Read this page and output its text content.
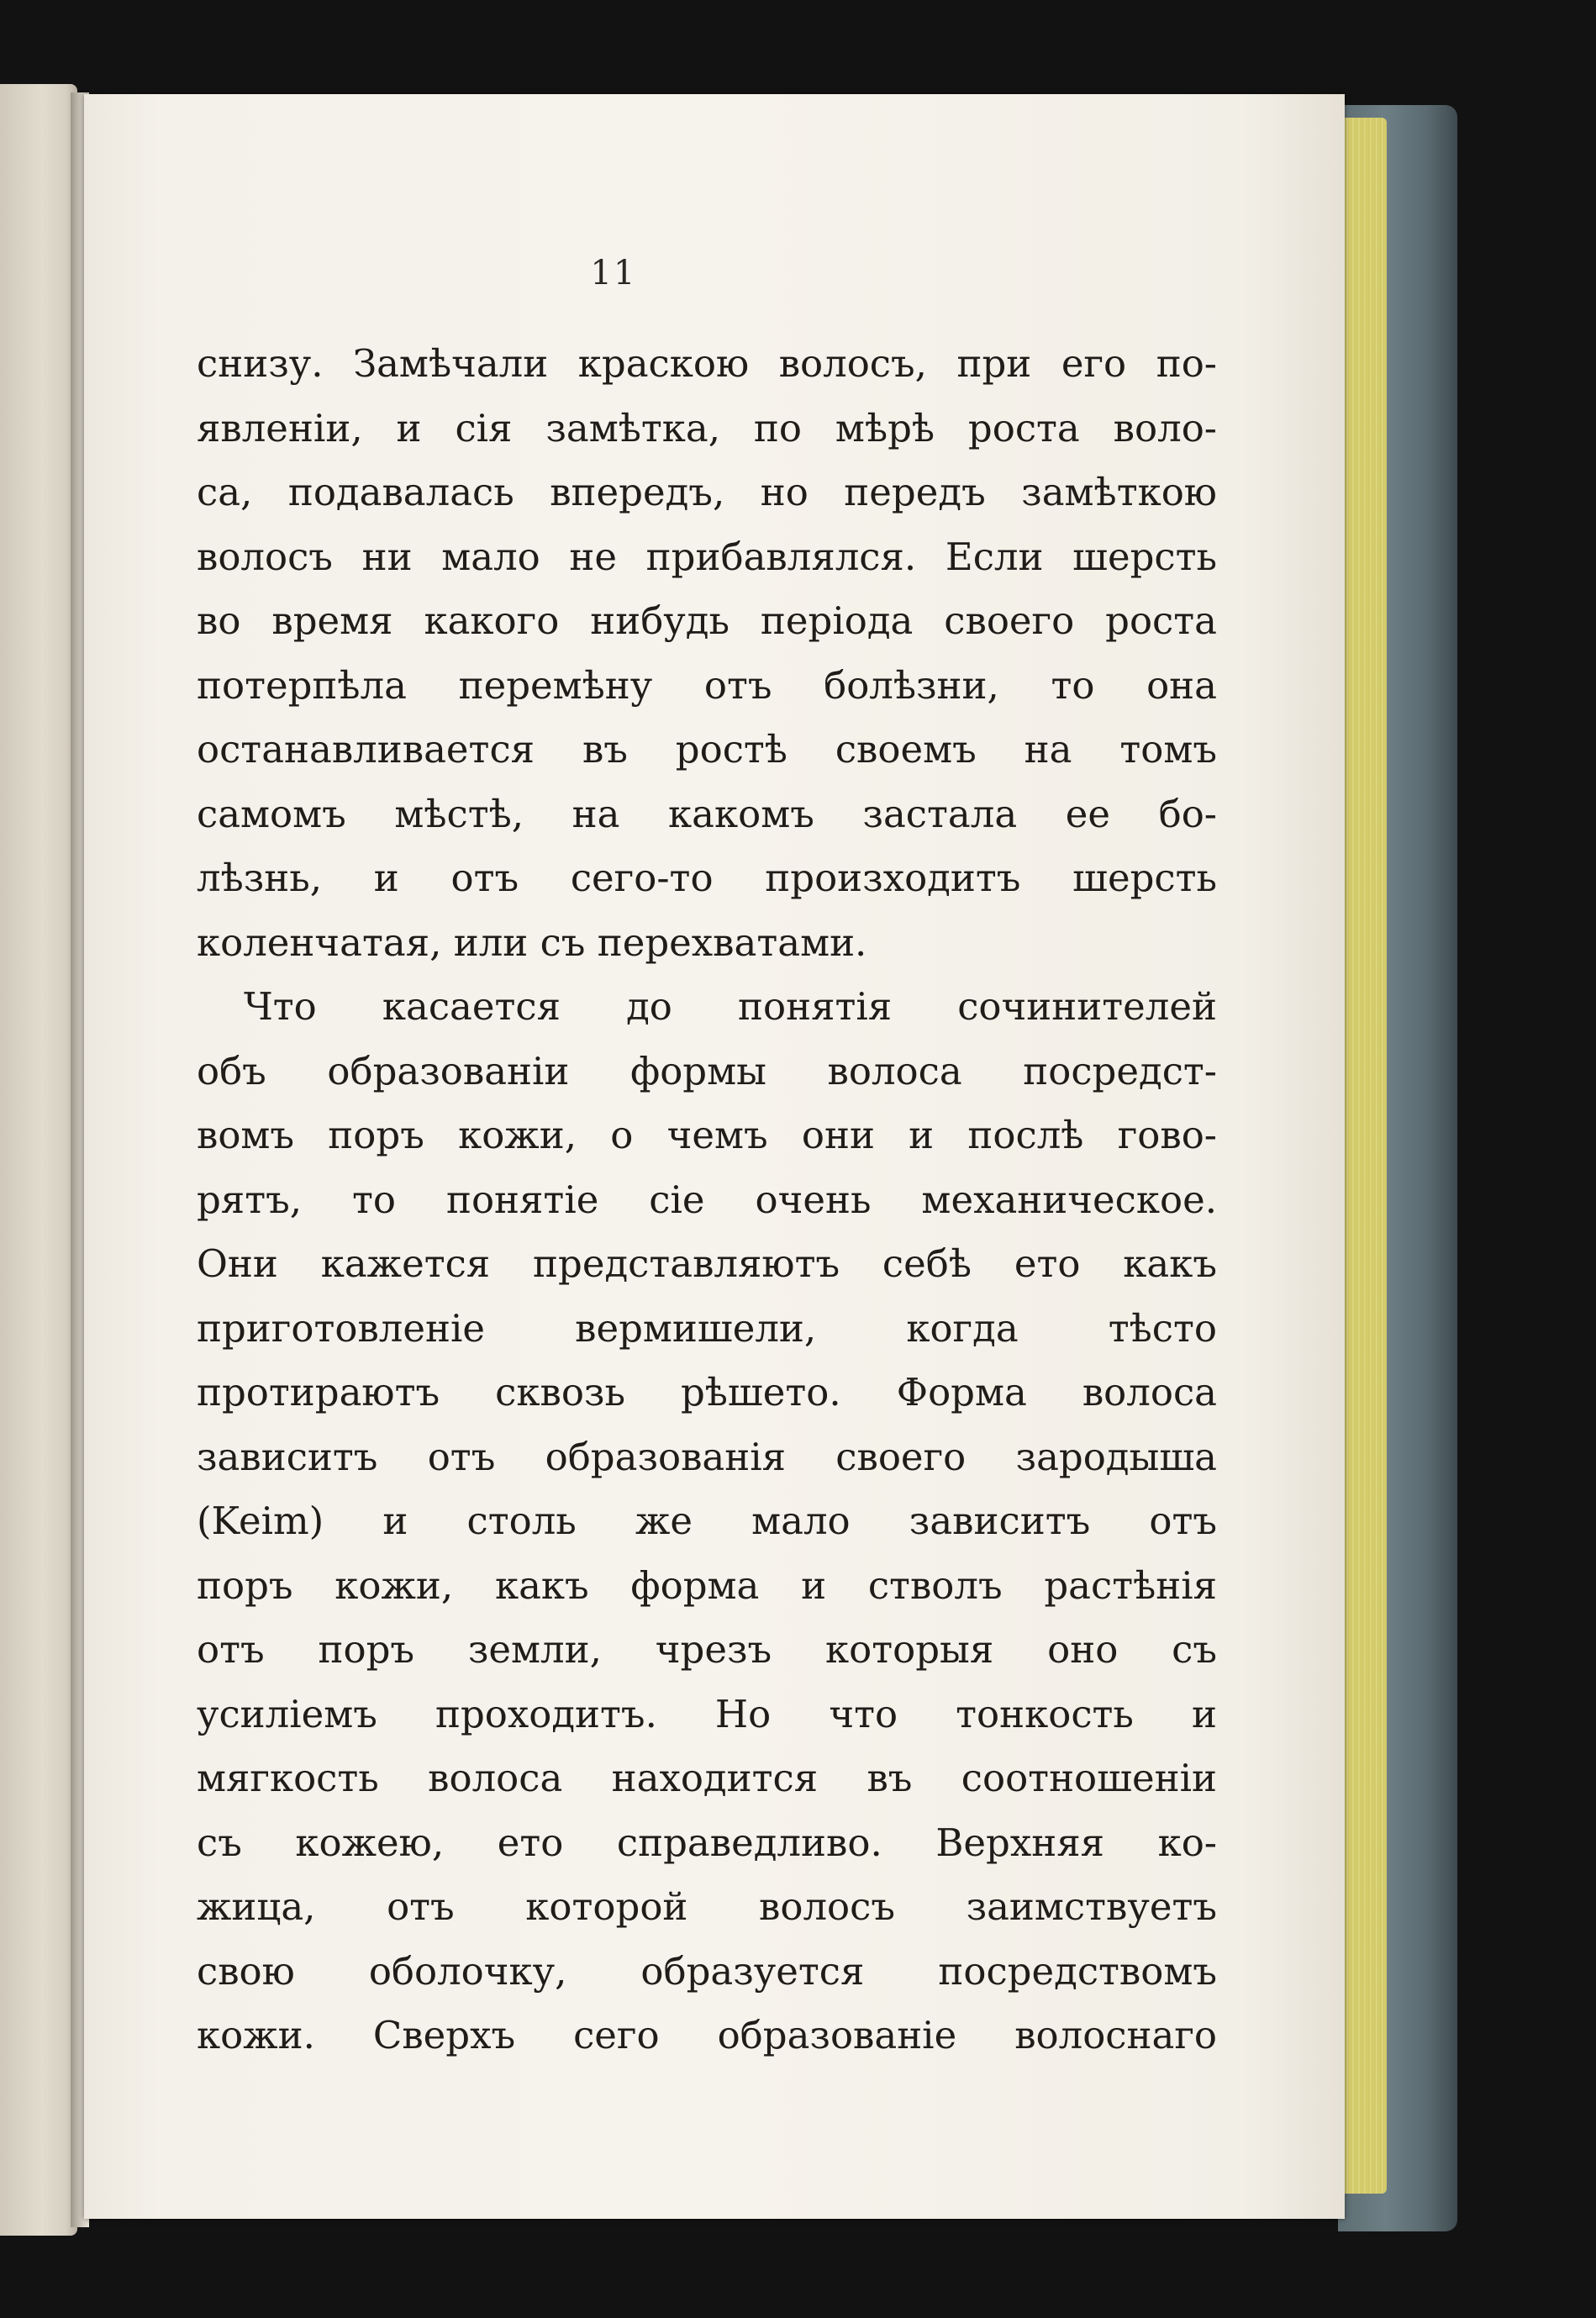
11
снизу. Замѣчали краскою волосъ, при его по-
явленіи, и сія замѣтка, по мѣрѣ роста воло-
са, подавалась впередъ, но передъ замѣткою
волосъ ни мало не прибавлялся. Если шерсть
во время какого нибудь періода своего роста
потерпѣла перемѣну отъ болѣзни, то она
останавливается въ ростѣ своемъ на томъ
самомъ мѣстѣ, на какомъ застала ее бо-
лѣзнь, и отъ сего-то произходитъ шерсть
коленчатая, или съ перехватами.
Что касается до понятія сочинителей
объ образованіи формы волоса посредст-
вомъ поръ кожи, о чемъ они и послѣ гово-
рятъ, то понятіе сіе очень механическое.
Они кажется представляютъ себѣ ето какъ
приготовленіе вермишели, когда тѣсто
протираютъ сквозь рѣшето. Форма волоса
зависитъ отъ образованія своего зародыша
(Keim) и столь же мало зависитъ отъ
поръ кожи, какъ форма и стволъ растѣнія
отъ поръ земли, чрезъ которыя оно съ
усиліемъ проходитъ. Но что тонкость и
мягкость волоса находится въ соотношеніи
съ кожею, ето справедливо. Верхняя ко-
жица, отъ которой волосъ заимствуетъ
свою оболочку, образуется посредствомъ
кожи. Сверхъ сего образованіе волоснаго
